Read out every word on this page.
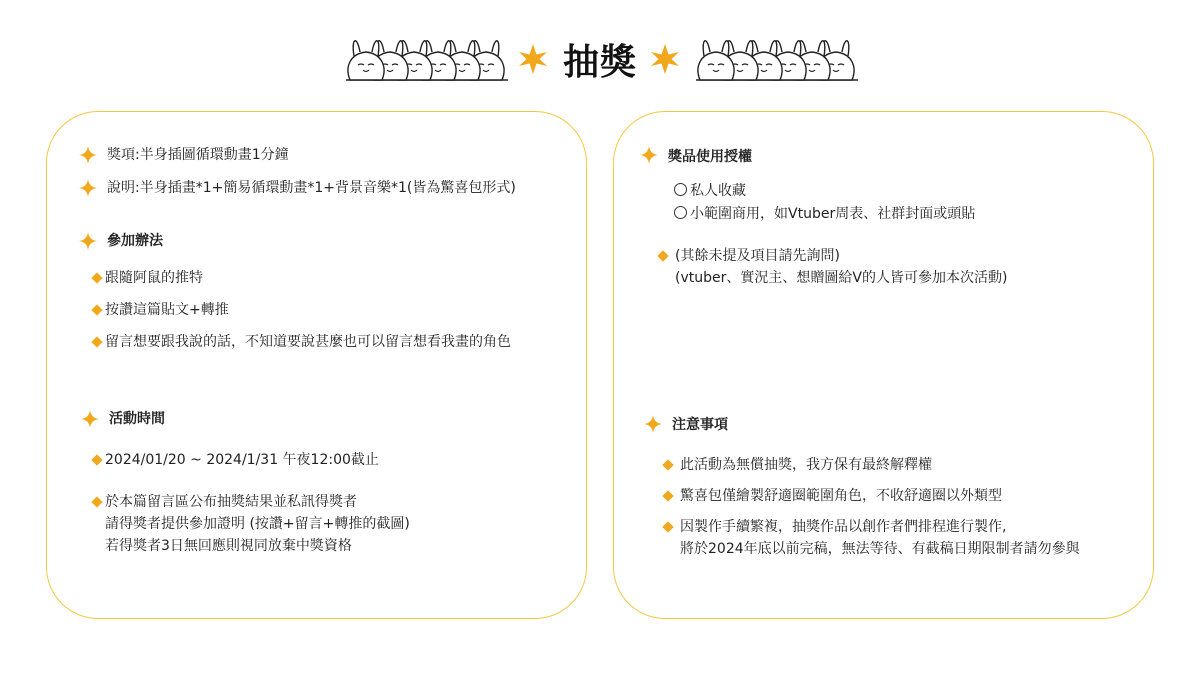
抽獎
獎項:半身插圖循環動畫1分鐘
說明:半身插畫*1+簡易循環動畫*1+背景音樂*1(皆為驚喜包形式)
參加辦法
跟隨阿鼠的推特
按讚這篇貼文+轉推
留言想要跟我說的話，不知道要說甚麼也可以留言想看我畫的角色
活動時間
2024/01/20 ~ 2024/1/31 午夜12:00截止
於本篇留言區公布抽獎結果並私訊得獎者
請得獎者提供參加證明 (按讚+留言+轉推的截圖)
若得獎者3日無回應則視同放棄中獎資格
獎品使用授權
私人收藏
小範圍商用，如Vtuber周表、社群封面或頭貼
(其餘未提及項目請先詢問)
(vtuber、實況主、想贈圖給V的人皆可參加本次活動)
注意事項
此活動為無償抽獎，我方保有最終解釋權
驚喜包僅繪製舒適圈範圍角色，不收舒適圈以外類型
因製作手續繁複，抽獎作品以創作者們排程進行製作,
將於2024年底以前完稿，無法等待、有截稿日期限制者請勿參與
